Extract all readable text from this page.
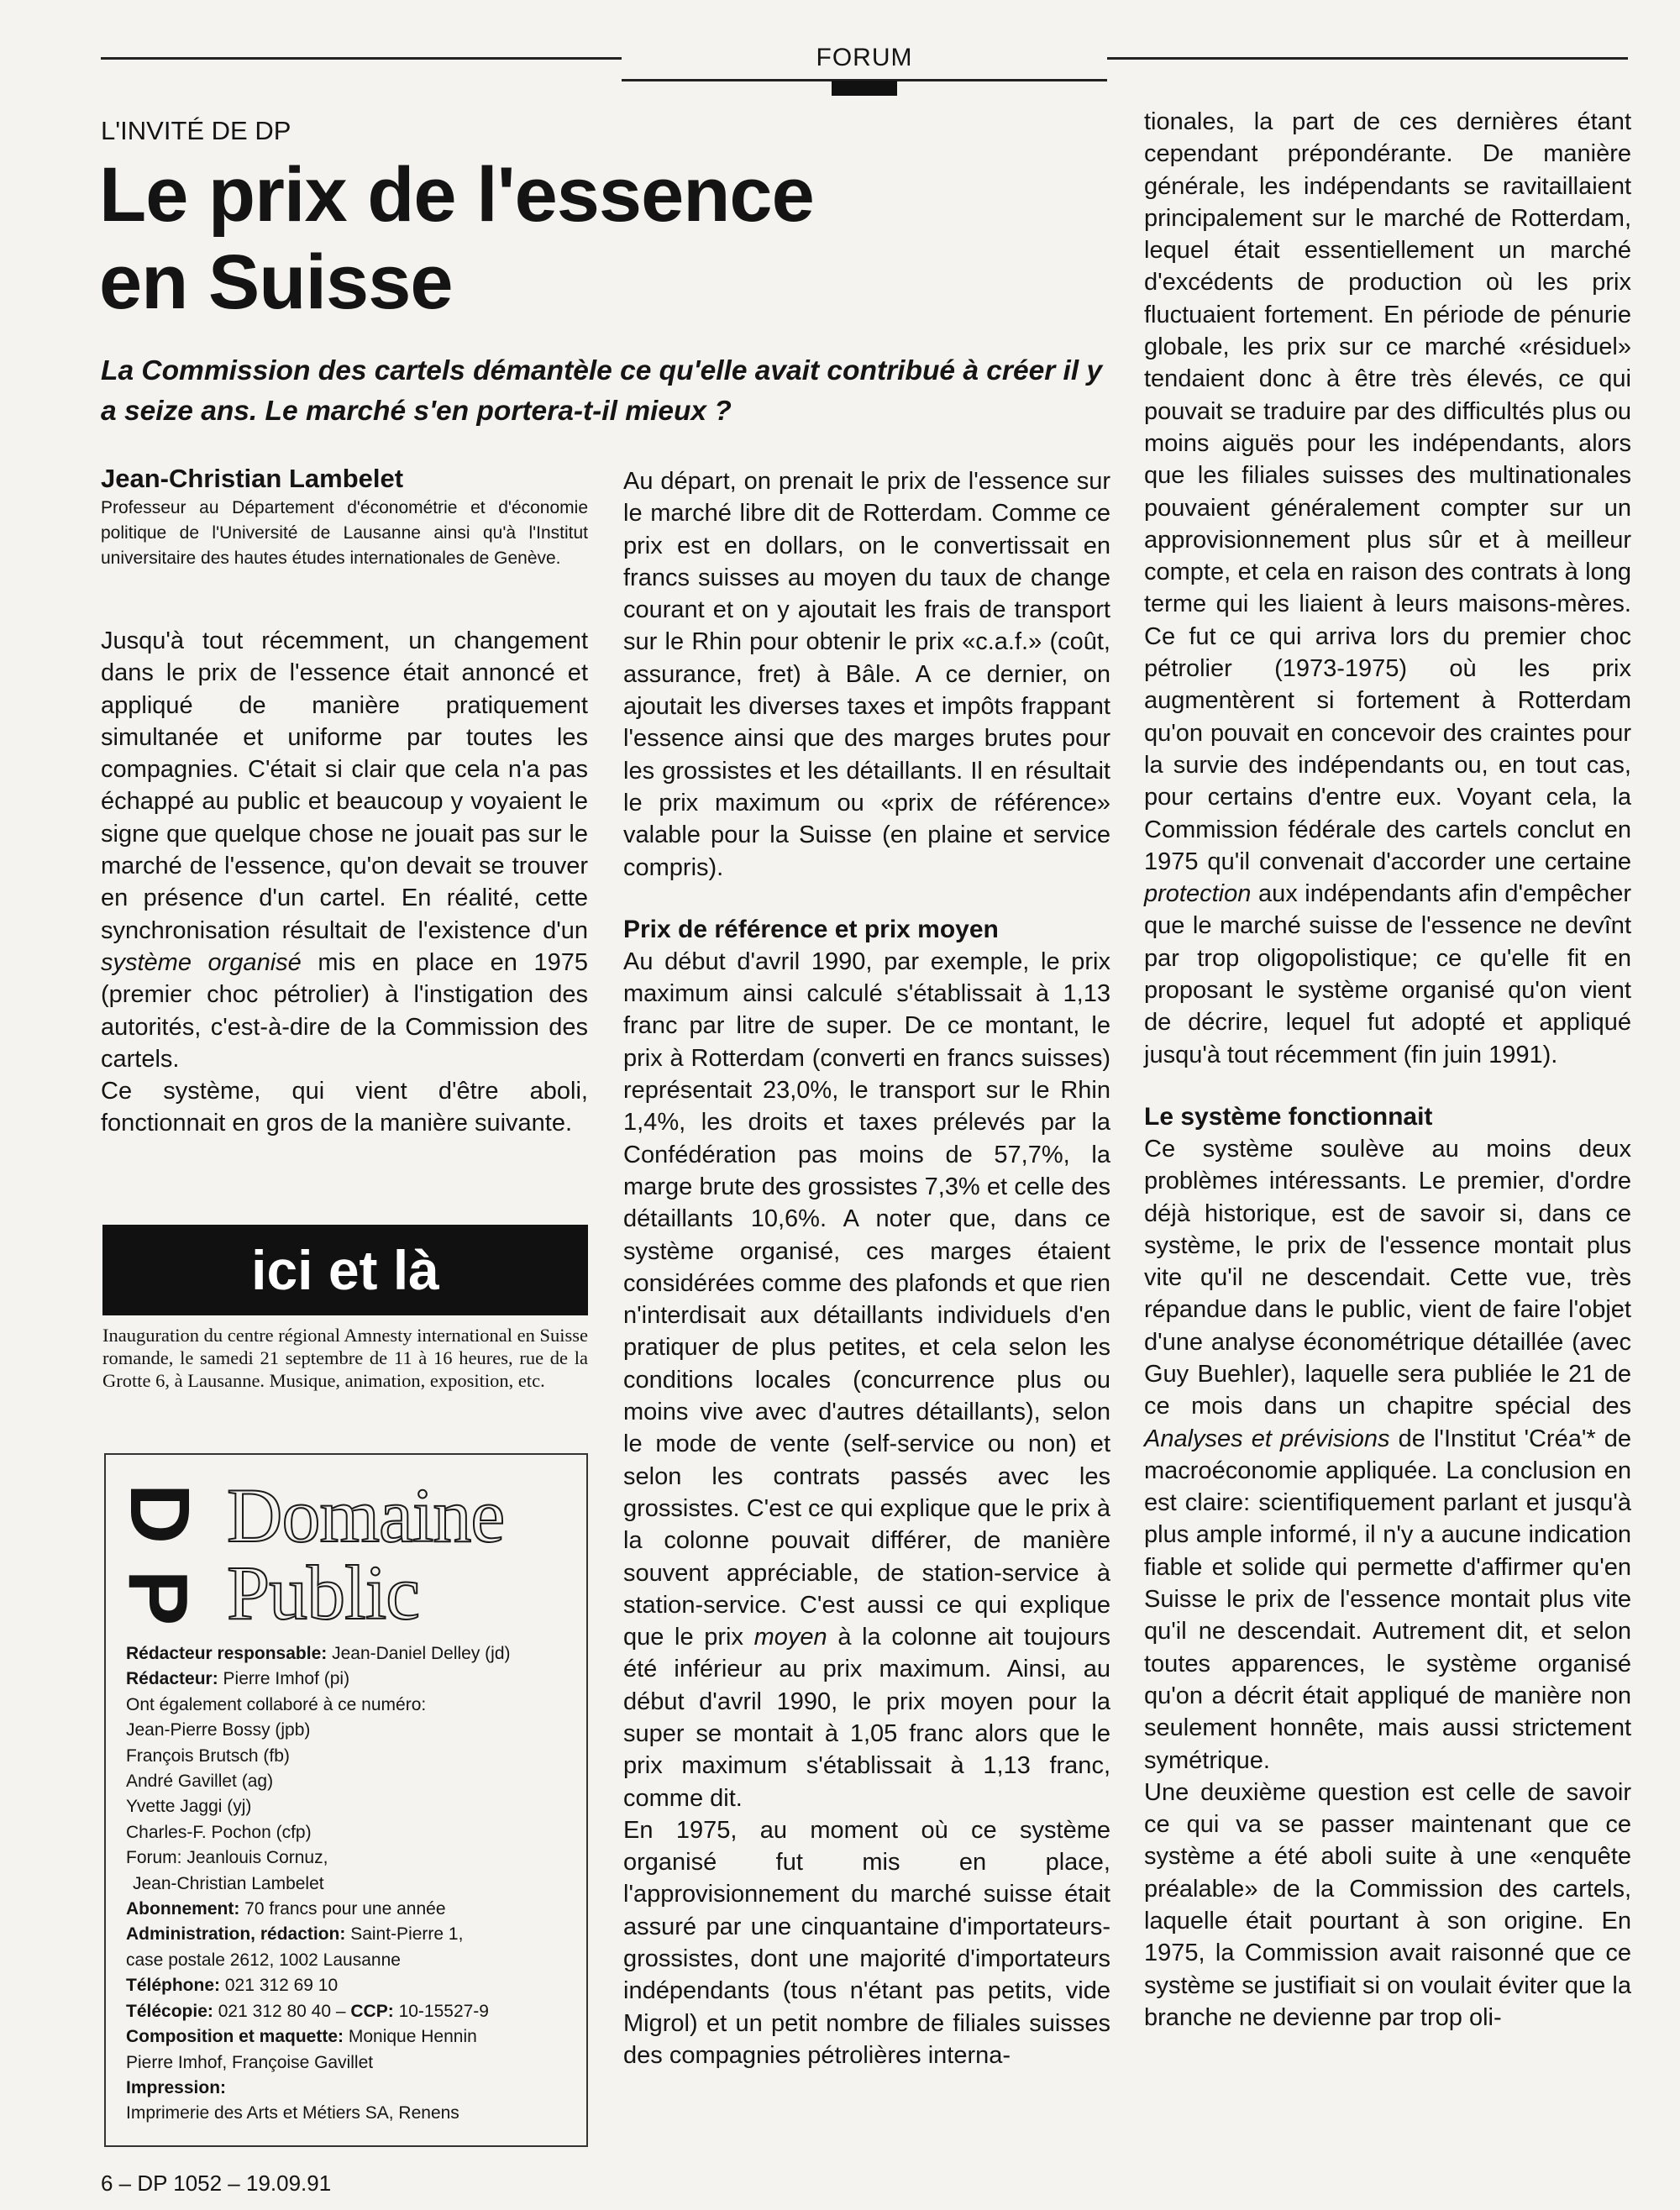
FORUM
L'INVITÉ DE DP
Le prix de l'essence
en Suisse

La Commission des cartels démantèle ce qu'elle avait contribué à créer il y a seize ans. Le marché s'en portera-t-il mieux ?

Jean-Christian Lambelet
Professeur au Département d'économétrie et d'économie politique de l'Université de Lausanne ainsi qu'à l'Institut universitaire des hautes études internationales de Genève.

Jusqu'à tout récemment, un changement dans le prix de l'essence était annoncé et appliqué de manière pratiquement simultanée et uniforme par toutes les compagnies. C'était si clair que cela n'a pas échappé au public et beaucoup y voyaient le signe que quelque chose ne jouait pas sur le marché de l'essence, qu'on devait se trouver en présence d'un cartel. En réalité, cette synchronisation résultait de l'existence d'un système organisé mis en place en 1975 (premier choc pétrolier) à l'instigation des autorités, c'est-à-dire de la Commission des cartels.

Ce système, qui vient d'être aboli, fonctionnait en gros de la manière suivante.

ici et là

Inauguration du centre régional Amnesty international en Suisse romande, le samedi 21 septembre de 11 à 16 heures, rue de la Grotte 6, à Lausanne. Musique, animation, exposition, etc.

D
P
Domaine
Public
Rédacteur responsable: Jean-Daniel Delley (jd)
Rédacteur: Pierre Imhof (pi)
Ont également collaboré à ce numéro:
Jean-Pierre Bossy (jpb)
François Brutsch (fb)
André Gavillet (ag)
Yvette Jaggi (yj)
Charles-F. Pochon (cfp)
Forum: Jeanlouis Cornuz,
Jean-Christian Lambelet
Abonnement: 70 francs pour une année
Administration, rédaction: Saint-Pierre 1,
case postale 2612, 1002 Lausanne
Téléphone: 021 312 69 10
Télécopie: 021 312 80 40 – CCP: 10-15527-9
Composition et maquette: Monique Hennin
Pierre Imhof, Françoise Gavillet
Impression:
Imprimerie des Arts et Métiers SA, Renens

Au départ, on prenait le prix de l'essence sur le marché libre dit de Rotterdam. Comme ce prix est en dollars, on le convertissait en francs suisses au moyen du taux de change courant et on y ajoutait les frais de transport sur le Rhin pour obtenir le prix «c.a.f.» (coût, assurance, fret) à Bâle. A ce dernier, on ajoutait les diverses taxes et impôts frappant l'essence ainsi que des marges brutes pour les grossistes et les détaillants. Il en résultait le prix maximum ou «prix de référence» valable pour la Suisse (en plaine et service compris).

Prix de référence et prix moyen

Au début d'avril 1990, par exemple, le prix maximum ainsi calculé s'établissait à 1,13 franc par litre de super. De ce montant, le prix à Rotterdam (converti en francs suisses) représentait 23,0%, le transport sur le Rhin 1,4%, les droits et taxes prélevés par la Confédération pas moins de 57,7%, la marge brute des grossistes 7,3% et celle des détaillants 10,6%. A noter que, dans ce système organisé, ces marges étaient considérées comme des plafonds et que rien n'interdisait aux détaillants individuels d'en pratiquer de plus petites, et cela selon les conditions locales (concurrence plus ou moins vive avec d'autres détaillants), selon le mode de vente (self-service ou non) et selon les contrats passés avec les grossistes. C'est ce qui explique que le prix à la colonne pouvait différer, de manière souvent appréciable, de station-service à station-service. C'est aussi ce qui explique que le prix moyen à la colonne ait toujours été inférieur au prix maximum. Ainsi, au début d'avril 1990, le prix moyen pour la super se montait à 1,05 franc alors que le prix maximum s'établissait à 1,13 franc, comme dit.

En 1975, au moment où ce système organisé fut mis en place, l'approvisionnement du marché suisse était assuré par une cinquantaine d'importateurs-grossistes, dont une majorité d'importateurs indépendants (tous n'étant pas petits, vide Migrol) et un petit nombre de filiales suisses des compagnies pétrolières interna-

tionales, la part de ces dernières étant cependant prépondérante. De manière générale, les indépendants se ravitaillaient principalement sur le marché de Rotterdam, lequel était essentiellement un marché d'excédents de production où les prix fluctuaient fortement. En période de pénurie globale, les prix sur ce marché «résiduel» tendaient donc à être très élevés, ce qui pouvait se traduire par des difficultés plus ou moins aiguës pour les indépendants, alors que les filiales suisses des multinationales pouvaient généralement compter sur un approvisionnement plus sûr et à meilleur compte, et cela en raison des contrats à long terme qui les liaient à leurs maisons-mères. Ce fut ce qui arriva lors du premier choc pétrolier (1973-1975) où les prix augmentèrent si fortement à Rotterdam qu'on pouvait en concevoir des craintes pour la survie des indépendants ou, en tout cas, pour certains d'entre eux. Voyant cela, la Commission fédérale des cartels conclut en 1975 qu'il convenait d'accorder une certaine protection aux indépendants afin d'empêcher que le marché suisse de l'essence ne devînt par trop oligopolistique; ce qu'elle fit en proposant le système organisé qu'on vient de décrire, lequel fut adopté et appliqué jusqu'à tout récemment (fin juin 1991).

Le système fonctionnait

Ce système soulève au moins deux problèmes intéressants. Le premier, d'ordre déjà historique, est de savoir si, dans ce système, le prix de l'essence montait plus vite qu'il ne descendait. Cette vue, très répandue dans le public, vient de faire l'objet d'une analyse économétrique détaillée (avec Guy Buehler), laquelle sera publiée le 21 de ce mois dans un chapitre spécial des Analyses et prévisions de l'Institut 'Créa'* de macroéconomie appliquée. La conclusion en est claire: scientifiquement parlant et jusqu'à plus ample informé, il n'y a aucune indication fiable et solide qui permette d'affirmer qu'en Suisse le prix de l'essence montait plus vite qu'il ne descendait. Autrement dit, et selon toutes apparences, le système organisé qu'on a décrit était appliqué de manière non seulement honnête, mais aussi strictement symétrique.

Une deuxième question est celle de savoir ce qui va se passer maintenant que ce système a été aboli suite à une «enquête préalable» de la Commission des cartels, laquelle était pourtant à son origine. En 1975, la Commission avait raisonné que ce système se justifiait si on voulait éviter que la branche ne devienne par trop oli-

6 – DP 1052 – 19.09.91
